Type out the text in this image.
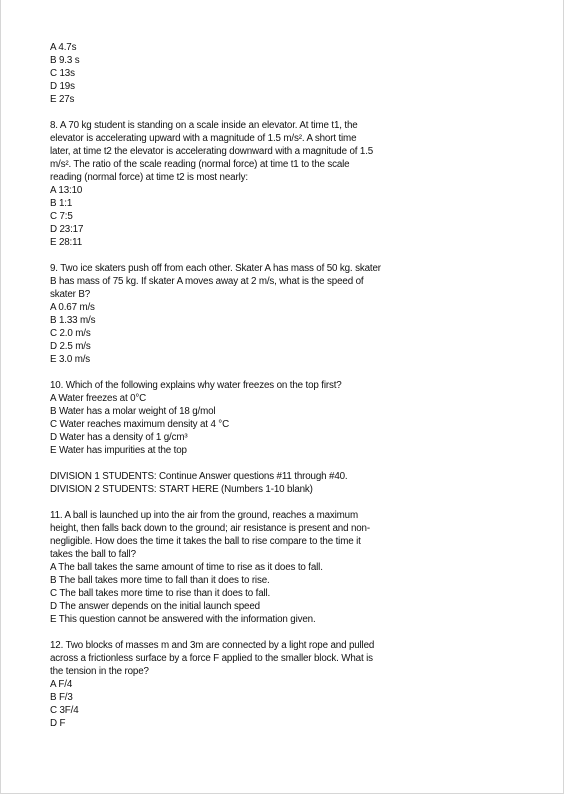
A 4.7s
B 9.3 s
C 13s
D 19s
E 27s
8. A 70 kg student is standing on a scale inside an elevator. At time t1, the
elevator is accelerating upward with a magnitude of 1.5 m/s². A short time
later, at time t2 the elevator is accelerating downward with a magnitude of 1.5
m/s². The ratio of the scale reading (normal force) at time t1 to the scale
reading (normal force) at time t2 is most nearly:
A 13:10
B 1:1
C 7:5
D 23:17
E 28:11
9. Two ice skaters push off from each other. Skater A has mass of 50 kg. skater
B has mass of 75 kg. If skater A moves away at 2 m/s, what is the speed of
skater B?
A 0.67 m/s
B 1.33 m/s
C 2.0 m/s
D 2.5 m/s
E 3.0 m/s
10. Which of the following explains why water freezes on the top first?
A Water freezes at 0°C
B Water has a molar weight of 18 g/mol
C Water reaches maximum density at 4 °C
D Water has a density of 1 g/cm³
E Water has impurities at the top
DIVISION 1 STUDENTS: Continue Answer questions #11 through #40.
DIVISION 2 STUDENTS: START HERE (Numbers 1-10 blank)
11. A ball is launched up into the air from the ground, reaches a maximum
height, then falls back down to the ground; air resistance is present and non-
negligible. How does the time it takes the ball to rise compare to the time it
takes the ball to fall?
A The ball takes the same amount of time to rise as it does to fall.
B The ball takes more time to fall than it does to rise.
C The ball takes more time to rise than it does to fall.
D The answer depends on the initial launch speed
E This question cannot be answered with the information given.
12. Two blocks of masses m and 3m are connected by a light rope and pulled
across a frictionless surface by a force F applied to the smaller block. What is
the tension in the rope?
A F/4
B F/3
C 3F/4
D F
